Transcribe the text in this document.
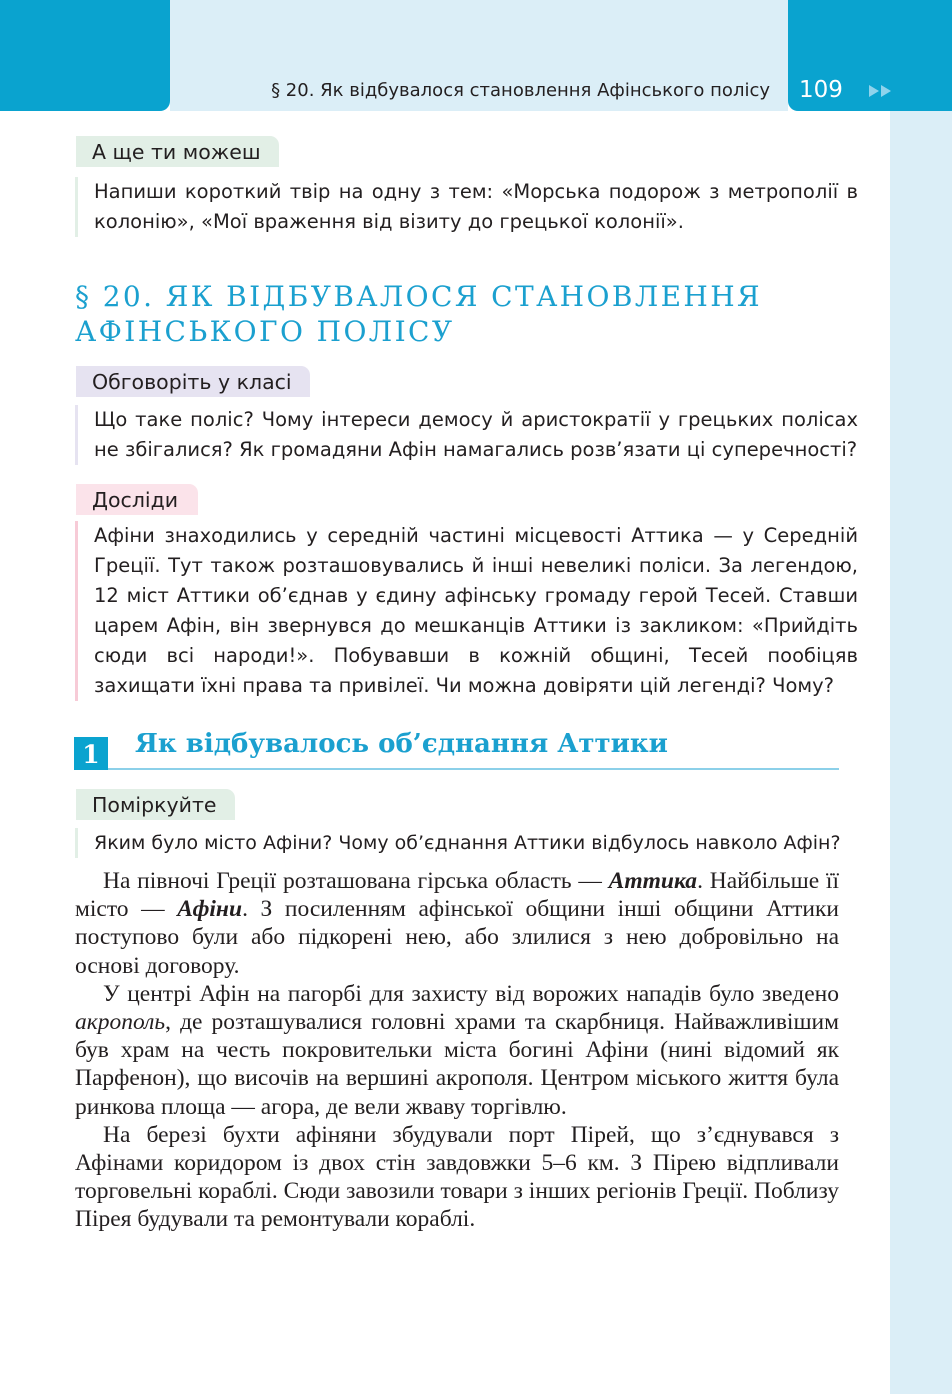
§ 20. Як відбувалося становлення Афінського полісу 109
А ще ти можеш
Напиши короткий твір на одну з тем: «Морська подорож з метрополії в колонію», «Мої враження від візиту до грецької колонії».
§ 20. ЯК ВІДБУВАЛОСЯ СТАНОВЛЕННЯ
АФІНСЬКОГО ПОЛІСУ
Обговоріть у класі
Що таке поліс? Чому інтереси демосу й аристократії у грецьких полісах не збігалися? Як громадяни Афін намагались розв’язати ці суперечності?
Досліди
Афіни знаходились у середній частині місцевості Аттика — у Середній Греції. Тут також розташовувались й інші невеликі поліси. За легендою, 12 міст Аттики об’єднав у єдину афінську громаду герой Тесей. Ставши царем Афін, він звернувся до мешканців Аттики із закликом: «Прийдіть сюди всі народи!». Побувавши в кожній общині, Тесей пообіцяв захищати їхні права та привілеї. Чи можна довіряти цій легенді? Чому?
1	Як відбувалось об’єднання Аттики
Поміркуйте
Яким було місто Афіни? Чому об’єднання Аттики відбулось навколо Афін?

На півночі Греції розташована гірська область — Аттика. Найбільше її місто — Афіни. З посиленням афінської общини інші общини Аттики поступово були або підкорені нею, або злилися з нею добровільно на основі договору.

У центрі Афін на пагорбі для захисту від ворожих нападів було зведено акрополь, де розташувалися головні храми та скарбниця. Найважливішим був храм на честь покровительки міста богині Афіни (нині відомий як Парфенон), що височів на вершині акрополя. Центром міського життя була ринкова площа — агора, де вели жваву торгівлю.

На березі бухти афіняни збудували порт Пірей, що з’єднувався з Афінами коридором із двох стін завдовжки 5–6 км. З Пірею відпливали торговельні кораблі. Сюди завозили товари з інших регіонів Греції. Поблизу Пірея будували та ремонтували кораблі.
